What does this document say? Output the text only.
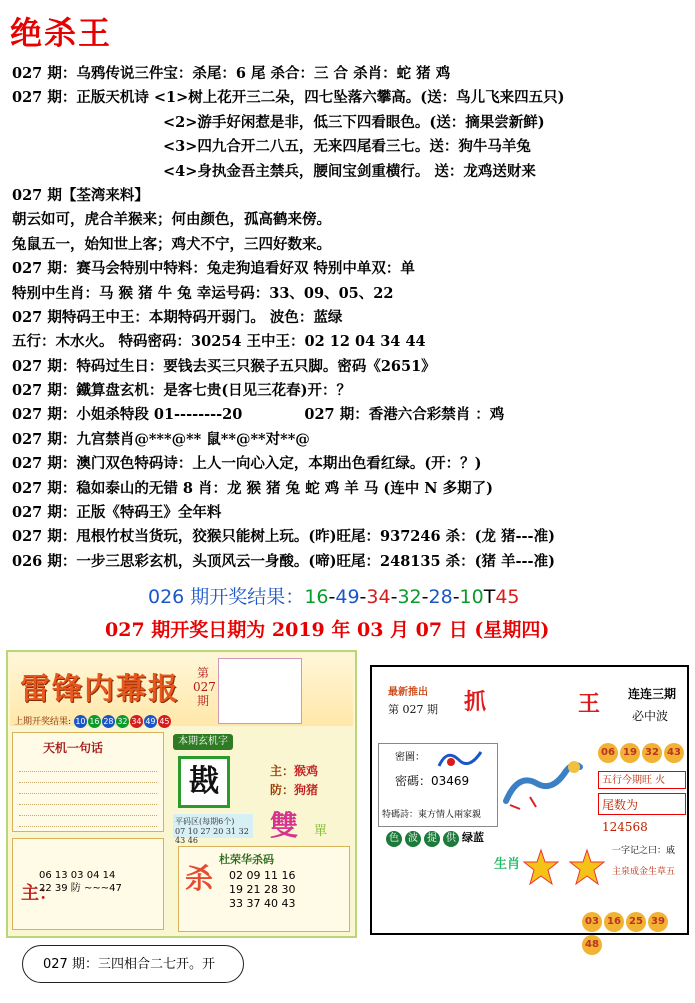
绝杀王
027 期：乌鸦传说三件宝：杀尾：6 尾 杀合：三 合 杀肖：蛇 猪 鸡
027 期：正版天机诗 <1>树上花开三二朵，四七坠落六攀高。(送：鸟儿飞来四五只)
<2>游手好闲惹是非，低三下四看眼色。(送：摘果尝新鲜)
<3>四九合开二八五，无来四尾看三七。送：狗牛马羊兔
<4>身执金吾主禁兵，腰间宝剑重横行。 送：龙鸡送财来
027 期【荃湾来料】
朝云如可，虎合羊猴来；何由颜色，孤高鹤来傍。
兔鼠五一，始知世上客；鸡犬不宁，三四好数来。
027 期：赛马会特别中特料：兔走狗追看好双 特别中单双：单
特别中生肖：马 猴 猪 牛 兔 幸运号码：33、09、05、22
027 期特码王中王：本期特码开弱门。 波色：蓝绿
五行：木水火。 特码密码：30254 王中王：02 12 04 34 44
027 期：特码过生日：要钱去买三只猴子五只脚。密码《2651》
027 期：鐵算盘玄机：是客七贵(日见三花春)开：？
027 期：小姐杀特段 01--------20	027 期：香港六合彩禁肖 ：鸡
027 期：九宫禁肖@***@** 鼠**@**对**@
027 期：澳门双色特码诗：上人一向心入定，本期出色看红绿。(开：？)
027 期：稳如泰山的无错 8 肖：龙 猴 猪 兔 蛇 鸡 羊 马 (连中 N 多期了)
027 期：正版《特码王》全年料
027 期：甩根竹杖当货玩，狡猴只能树上玩。(昨)旺尾：937246 杀：(龙 猪---准)
026 期：一步三思彩玄机，头顶风云一身酸。(啼)旺尾：248135 杀：(猪 羊---准)
026 期开奖结果：16-49-34-32-28-10T45
027 期开奖日期为 2019 年 03 月 07 日 (星期四)
雷锋内幕报	第
027
期
上期开奖结果: 10 16 28 32 34 49 45
天机一句话	本期玄机字
戡
平码区(每期6个)
07 10 27 20 31 32 43 46
主：猴鸡
防：狗猪
雙 單
主：
06 13 03 04 14
22 39 防 ~~~47 杀
杜荣华杀码
02 09 11 16
19 21 28 30
33 37 40 43
027 期：三四相合二七开。开
最新推出
第 027 期 抓	王 连连三期
必中波
密圖：
密碼：03469
特碼詩：東方情人兩家親
06 19 32 43
五行今期旺 火
尾数为 124568
色 波 提 供 绿蓝
生肖
一字记之曰：戚
主泉成金生草五
03 16 25 3948
